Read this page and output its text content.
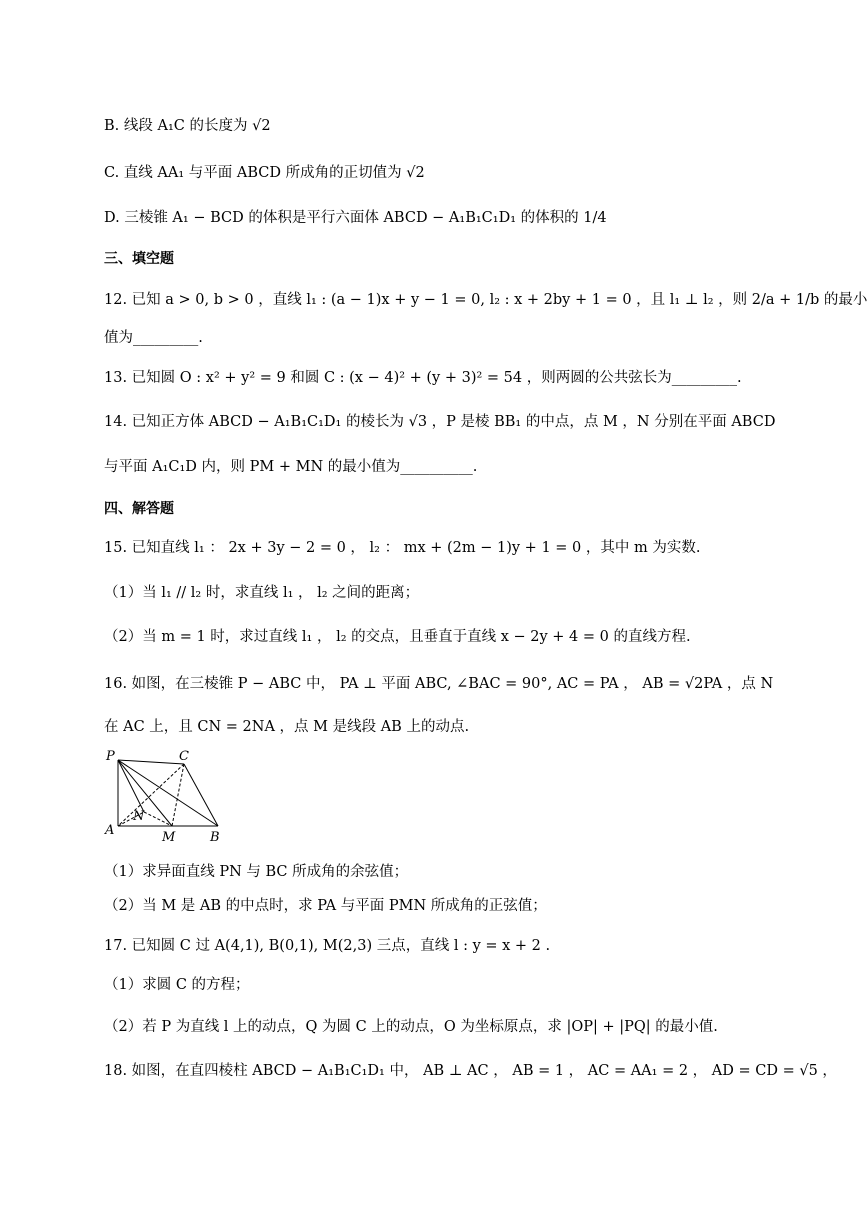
B. 线段 A₁C 的长度为 √2
C. 直线 AA₁ 与平面 ABCD 所成角的正切值为 √2
D. 三棱锥 A₁ − BCD 的体积是平行六面体 ABCD − A₁B₁C₁D₁ 的体积的 1/4
三、填空题
12. 已知 a > 0, b > 0 ，直线 l₁ : (a − 1)x + y − 1 = 0, l₂ : x + 2by + 1 = 0 ，且 l₁ ⊥ l₂ ，则 2/a + 1/b 的最小
值为_________.
13. 已知圆 O : x² + y² = 9 和圆 C : (x − 4)² + (y + 3)² = 54 ，则两圆的公共弦长为_________.
14. 已知正方体 ABCD − A₁B₁C₁D₁ 的棱长为 √3 ，P 是棱 BB₁ 的中点，点 M ，N 分别在平面 ABCD
与平面 A₁C₁D 内，则 PM + MN 的最小值为__________.
四、解答题
15. 已知直线 l₁ ： 2x + 3y − 2 = 0 ， l₂ ： mx + (2m − 1)y + 1 = 0 ，其中 m 为实数.
（1）当 l₁ // l₂ 时，求直线 l₁ ， l₂ 之间的距离；
（2）当 m = 1 时，求过直线 l₁ ， l₂ 的交点，且垂直于直线 x − 2y + 4 = 0 的直线方程.
16. 如图，在三棱锥 P − ABC 中， PA ⊥ 平面 ABC, ∠BAC = 90°, AC = PA ， AB = √2PA ，点 N
在 AC 上，且 CN = 2NA ，点 M 是线段 AB 上的动点.
P	C
A
N
M	B
（1）求异面直线 PN 与 BC 所成角的余弦值；
（2）当 M 是 AB 的中点时，求 PA 与平面 PMN 所成角的正弦值；
17. 已知圆 C 过 A(4,1), B(0,1), M(2,3) 三点，直线 l : y = x + 2 .
（1）求圆 C 的方程；
（2）若 P 为直线 l 上的动点，Q 为圆 C 上的动点，O 为坐标原点，求 |OP| + |PQ| 的最小值.
18. 如图，在直四棱柱 ABCD − A₁B₁C₁D₁ 中， AB ⊥ AC ， AB = 1 ， AC = AA₁ = 2 ， AD = CD = √5 ，
